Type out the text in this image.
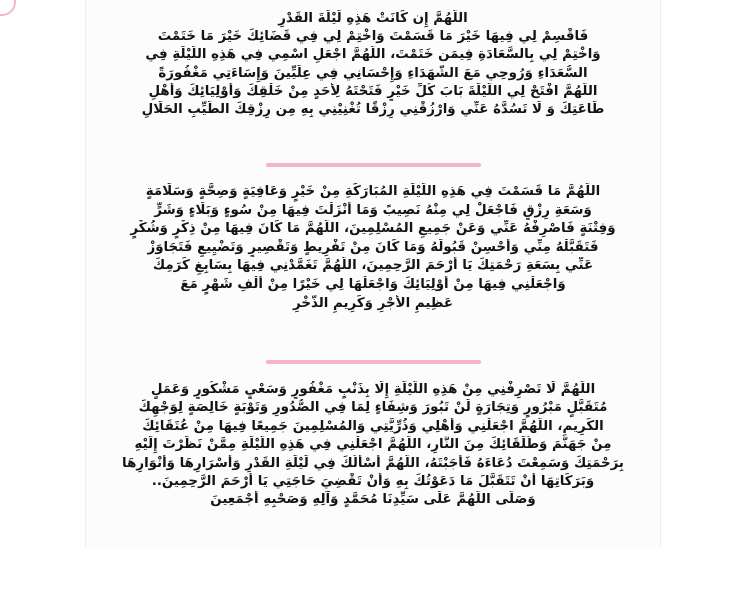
اللَّهُمَّ إِن كَانَتْ هَذِهِ لَيْلَةَ القَدْرِ
فَاقْسِمْ لِي فِيهَا خَيْرَ مَا قَسَمْتَ وَاخْتِمْ لِي فِي قَضَائِكَ خَيْرَ مَا خَتَمْتَ
وَاخْتِمْ لِي بِالسَّعَادَةِ فِيمَن خَتَمْتَ، اللَّهُمَّ اجْعَلِ اسْمِي فِي هَذِهِ اللَّيْلَةِ فِي
السُّعَدَاءِ وَرُوحِي مَعَ الشُّهَدَاءِ وَإِحْسَانِي فِي عِلِّيِّينَ وَإِسَاءَتِي مَغْفُورَةً
اللَّهُمَّ افْتَحْ لِي اللَّيْلَةَ بَابَ كُلِّ خَيْرٍ فَتَحْتَهُ لِأَحَدٍ مِنْ خَلْقِكَ وَأَوْلِيَائِكَ وَأَهْلِ
طَاعَتِكَ وَ لَا تَسُدَّهُ عَنِّي وَارْزُقْنِي رِزْقًا تُغْنِيْنِي بِهِ مِن رِزْقِكَ الطَّيِّبِ الحَلَالِ
اللَّهُمَّ مَا قَسَمْتَ فِي هَذِهِ اللَّيْلَةِ المُبَارَكَةِ مِنْ خَيْرٍ وَعَافِيَةٍ وَصِحَّةٍ وَسَلَامَةٍ
وَسَعَةِ رِزْقٍ فَاجْعَلْ لِي مِنْهُ نَصِيبً وَمَا أَنْزَلْتَ فِيهَا مِنْ سُوءٍ وَبَلَاءٍ وَشَرٍّ
وَفِتْنَةٍ فَاصْرِفْهُ عَنِّي وَعَنْ جَمِيعِ المُسْلِمِينَ، اللَّهُمَّ مَا كَانَ فِيهَا مِنْ ذِكْرٍ وَشُكْرٍ
فَتَقَبَّلْهُ مِنِّي وَأَحْسِنْ قَبُولَهُ وَمَا كَانَ مِنْ تَفْرِيطٍ وَتَقْصِيرٍ وَتَضْيِيعٍ فَتَجَاوَزْ
عَنِّي بِسَعَةِ رَحْمَتِكَ يَا أَرْحَمَ الرَّحِمِينَ، اللَّهُمَّ تَغَمَّدْنِي فِيهَا بِسَابِغِ كَرَمِكَ
وَاجْعَلْنِي فِيهَا مِنْ أَوْلِيَائِكَ وَاجْعَلْهَا لِي خَيْرًا مِنْ أَلْفِ شَهْرٍ مَعَ
عَظِيمِ الأَجْرِ وَكَرِيمِ الذُّخْرِ
اللَّهُمَّ لَا تَصْرِفْنِي مِنْ هَذِهِ اللَّيْلَةِ إِلَّا بِذَنْبٍ مَغْفُورٍ وَسَعْيٍ مَشْكُورٍ وَعَمَلٍ
مُتَقَبَّلٍ مَبْرُورٍ وَتِجَارَةٍ لَنْ تَبُورَ وَشِفَاءٍ لِمَا فِي الصُّدُورِ وَتَوْبَةٍ خَالِصَةٍ لِوَجْهِكَ
الكَرِيمِ، اللَّهُمَّ اجْعَلْنِي وَأَهْلِي وَذُرِّيَّتِي وَالمُسْلِمِينَ جَمِيعًا فِيهَا مِنْ عُتَقَائِكَ
مِنْ جَهَنَّمَ وَطُلَقَائِكَ مِنَ النَّارِ، اللَّهُمَّ اجْعَلْنِي فِي هَذِهِ اللَّيْلَةِ مِمَّنْ نَظَرْتَ إِلَيْهِ
بِرَحْمَتِكَ وَسَمِعْتَ دُعَاءَهُ فَأَجَبْتَهُ، اللَّهُمَّ أَسْأَلُكَ فِي لَيْلَةِ القَدْرِ وَأَسْرَارِهَا وَأَنْوَارِهَا
وَبَرَكَاتِهَا أَنْ تَتَقَبَّلَ مَا دَعَوْتُكَ بِهِ وَأَنْ تَقْضِيَ حَاجَتِي يَا أَرْحَمَ الرَّحِمِينَ..
وَصَلَّى اللَّهُمَّ عَلَى سَيِّدِنَا مُحَمَّدٍ وَآلِهِ وَصَحْبِهِ أَجْمَعِينَ
